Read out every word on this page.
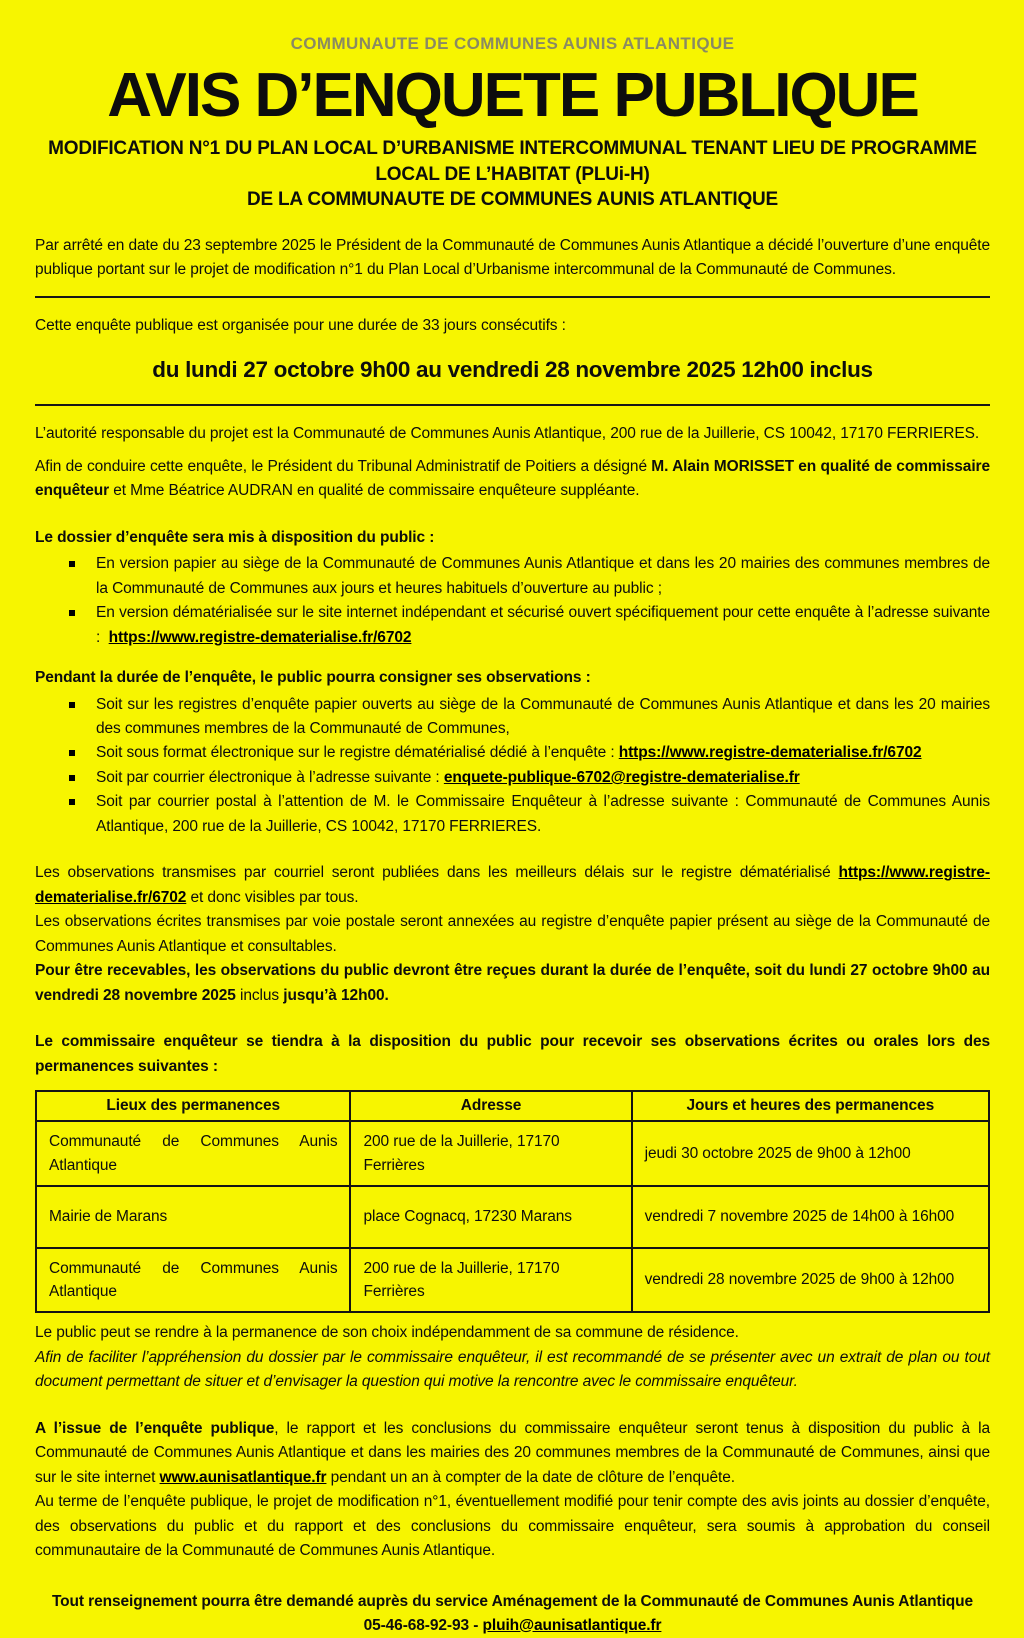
COMMUNAUTE DE COMMUNES AUNIS ATLANTIQUE
AVIS D’ENQUETE PUBLIQUE
MODIFICATION N°1 DU PLAN LOCAL D’URBANISME INTERCOMMUNAL TENANT LIEU DE PROGRAMME
LOCAL DE L’HABITAT (PLUi-H)
DE LA COMMUNAUTE DE COMMUNES AUNIS ATLANTIQUE

Par arrêté en date du 23 septembre 2025 le Président de la Communauté de Communes Aunis Atlantique a décidé l’ouverture d’une enquête publique portant sur le projet de modification n°1 du Plan Local d’Urbanisme intercommunal de la Communauté de Communes.

Cette enquête publique est organisée pour une durée de 33 jours consécutifs :

du lundi 27 octobre 9h00 au vendredi 28 novembre 2025 12h00 inclus

L’autorité responsable du projet est la Communauté de Communes Aunis Atlantique, 200 rue de la Juillerie, CS 10042, 17170 FERRIERES.

Afin de conduire cette enquête, le Président du Tribunal Administratif de Poitiers a désigné M. Alain MORISSET en qualité de commissaire enquêteur et Mme Béatrice AUDRAN en qualité de commissaire enquêteure suppléante.

Le dossier d’enquête sera mis à disposition du public :

En version papier au siège de la Communauté de Communes Aunis Atlantique et dans les 20 mairies des communes membres de la Communauté de Communes aux jours et heures habituels d’ouverture au public ;
En version dématérialisée sur le site internet indépendant et sécurisé ouvert spécifiquement pour cette enquête à l’adresse suivante : https://www.registre-dematerialise.fr/6702

Pendant la durée de l’enquête, le public pourra consigner ses observations :

Soit sur les registres d’enquête papier ouverts au siège de la Communauté de Communes Aunis Atlantique et dans les 20 mairies des communes membres de la Communauté de Communes,
Soit sous format électronique sur le registre dématérialisé dédié à l’enquête : https://www.registre-dematerialise.fr/6702
Soit par courrier électronique à l’adresse suivante : enquete-publique-6702@registre-dematerialise.fr
Soit par courrier postal à l’attention de M. le Commissaire Enquêteur à l’adresse suivante : Communauté de Communes Aunis Atlantique, 200 rue de la Juillerie, CS 10042, 17170 FERRIERES.

Les observations transmises par courriel seront publiées dans les meilleurs délais sur le registre dématérialisé https://www.registre-dematerialise.fr/6702 et donc visibles par tous.

Les observations écrites transmises par voie postale seront annexées au registre d’enquête papier présent au siège de la Communauté de Communes Aunis Atlantique et consultables.

Pour être recevables, les observations du public devront être reçues durant la durée de l’enquête, soit du lundi 27 octobre 9h00 au vendredi 28 novembre 2025 inclus jusqu’à 12h00.

Le commissaire enquêteur se tiendra à la disposition du public pour recevoir ses observations écrites ou orales lors des permanences suivantes :

Lieux des permanences	Adresse	Jours et heures des permanences
Communauté de Communes Aunis Atlantique	200 rue de la Juillerie, 17170 Ferrières	jeudi 30 octobre 2025 de 9h00 à 12h00
Mairie de Marans	place Cognacq, 17230 Marans	vendredi 7 novembre 2025 de 14h00 à 16h00
Communauté de Communes Aunis Atlantique	200 rue de la Juillerie, 17170 Ferrières	vendredi 28 novembre 2025 de 9h00 à 12h00

Le public peut se rendre à la permanence de son choix indépendamment de sa commune de résidence.

Afin de faciliter l’appréhension du dossier par le commissaire enquêteur, il est recommandé de se présenter avec un extrait de plan ou tout document permettant de situer et d’envisager la question qui motive la rencontre avec le commissaire enquêteur.

A l’issue de l’enquête publique, le rapport et les conclusions du commissaire enquêteur seront tenus à disposition du public à la Communauté de Communes Aunis Atlantique et dans les mairies des 20 communes membres de la Communauté de Communes, ainsi que sur le site internet www.aunisatlantique.fr pendant un an à compter de la date de clôture de l’enquête.

Au terme de l’enquête publique, le projet de modification n°1, éventuellement modifié pour tenir compte des avis joints au dossier d’enquête, des observations du public et du rapport et des conclusions du commissaire enquêteur, sera soumis à approbation du conseil communautaire de la Communauté de Communes Aunis Atlantique.

Tout renseignement pourra être demandé auprès du service Aménagement de la Communauté de Communes Aunis Atlantique
05-46-68-92-93 - pluih@aunisatlantique.fr
